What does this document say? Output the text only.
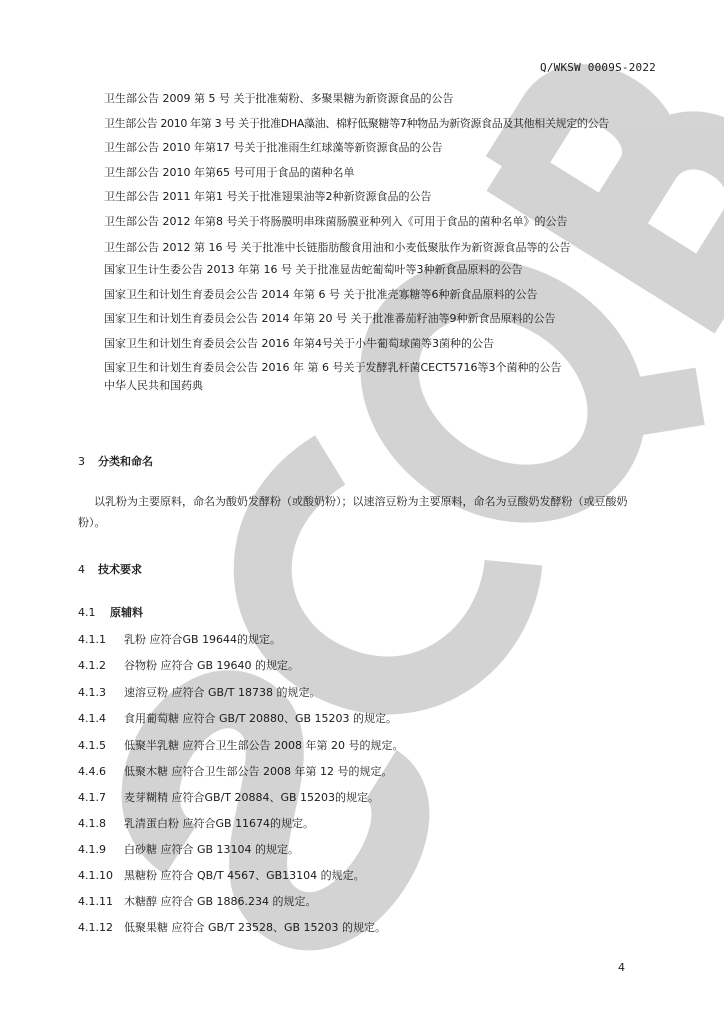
Q/WKSW 0009S-2022
卫生部公告 2009 第 5 号 关于批准菊粉、多聚果糖为新资源食品的公告
卫生部公告 2010 年第 3 号 关于批准DHA藻油、棉籽低聚糖等7种物品为新资源食品及其他相关规定的公告
卫生部公告 2010 年第17 号关于批准雨生红球藻等新资源食品的公告
卫生部公告 2010 年第65 号可用于食品的菌种名单
卫生部公告 2011 年第1 号关于批准翅果油等2种新资源食品的公告
卫生部公告 2012 年第8 号关于将肠膜明串珠菌肠膜亚种列入《可用于食品的菌种名单》的公告
卫生部公告 2012 第 16 号 关于批准中长链脂肪酸食用油和小麦低聚肽作为新资源食品等的公告
国家卫生计生委公告 2013 年第 16 号 关于批准显齿蛇葡萄叶等3种新食品原料的公告
国家卫生和计划生育委员会公告 2014 年第 6 号 关于批准壳寡糖等6种新食品原料的公告
国家卫生和计划生育委员会公告 2014 年第 20 号 关于批准番茄籽油等9种新食品原料的公告
国家卫生和计划生育委员会公告 2016 年第4号关于小牛葡萄球菌等3菌种的公告
国家卫生和计划生育委员会公告 2016 年 第 6 号关于发酵乳杆菌CECT5716等3个菌种的公告
中华人民共和国药典
3 分类和命名
以乳粉为主要原料，命名为酸奶发酵粉（或酸奶粉）；以速溶豆粉为主要原料，命名为豆酸奶发酵粉（或豆酸奶粉）。
4 技术要求
4.1 原辅料
4.1.1 乳粉 应符合GB 19644的规定。
4.1.2 谷物粉 应符合 GB 19640 的规定。
4.1.3 速溶豆粉 应符合 GB/T 18738 的规定。
4.1.4 食用葡萄糖 应符合 GB/T 20880、GB 15203 的规定。
4.1.5 低聚半乳糖 应符合卫生部公告 2008 年第 20 号的规定。
4.4.6 低聚木糖 应符合卫生部公告 2008 年第 12 号的规定。
4.1.7 麦芽糊精 应符合GB/T 20884、GB 15203的规定。
4.1.8 乳清蛋白粉 应符合GB 11674的规定。
4.1.9 白砂糖 应符合 GB 13104 的规定。
4.1.10 黑糖粉 应符合 QB/T 4567、GB13104 的规定。
4.1.11 木糖醇 应符合 GB 1886.234 的规定。
4.1.12 低聚果糖 应符合 GB/T 23528、GB 15203 的规定。
4
